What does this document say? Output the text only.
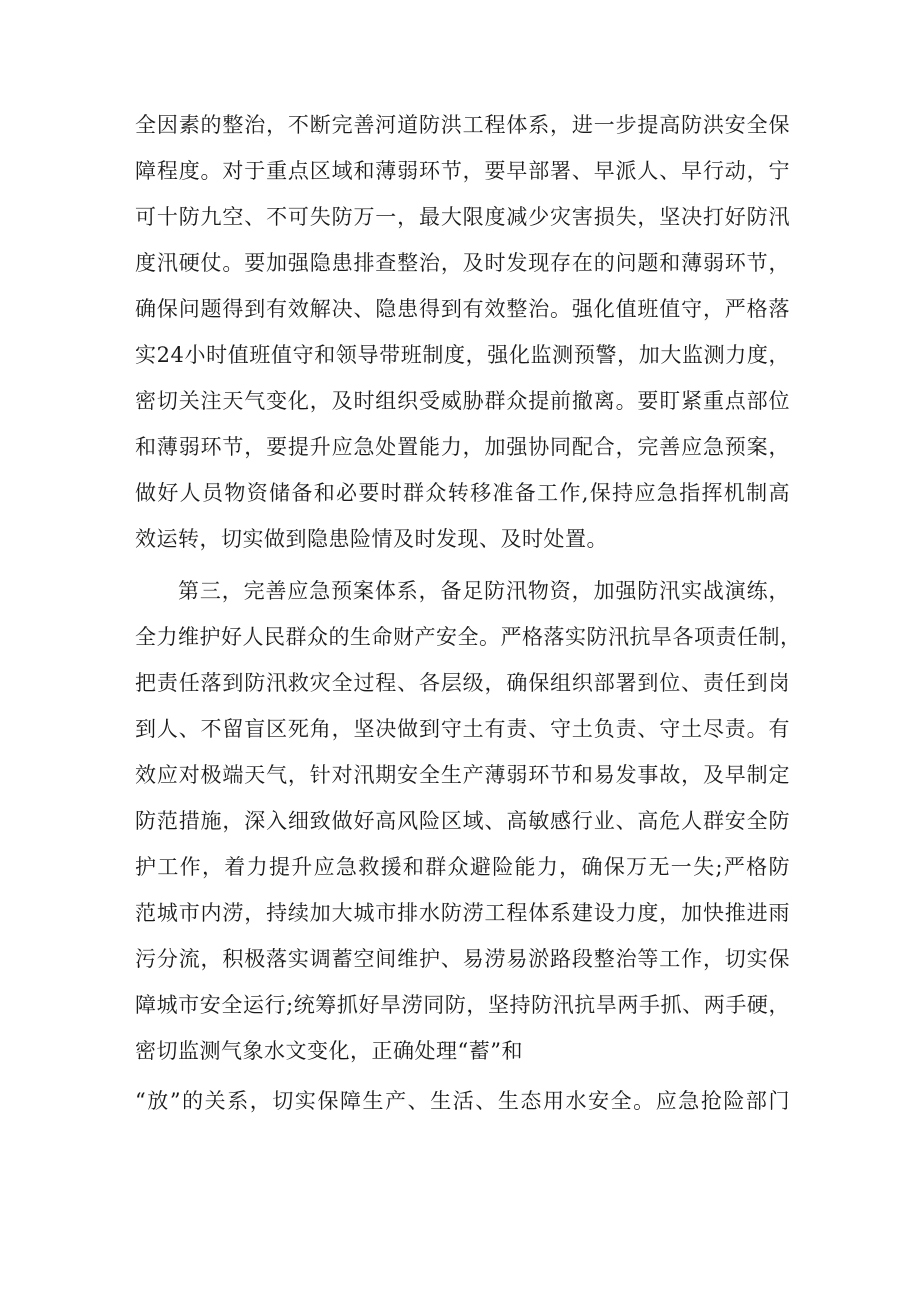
全因素的整治，不断完善河道防洪工程体系，进一步提高防洪安全保
障程度。对于重点区域和薄弱环节，要早部署、早派人、早行动，宁
可十防九空、不可失防万一，最大限度减少灾害损失，坚决打好防汛
度汛硬仗。要加强隐患排查整治，及时发现存在的问题和薄弱环节，
确保问题得到有效解决、隐患得到有效整治。强化值班值守，严格落
实24小时值班值守和领导带班制度，强化监测预警，加大监测力度，
密切关注天气变化，及时组织受威胁群众提前撤离。要盯紧重点部位
和薄弱环节，要提升应急处置能力，加强协同配合，完善应急预案，
做好人员物资储备和必要时群众转移准备工作,保持应急指挥机制高
效运转，切实做到隐患险情及时发现、及时处置。
第三，完善应急预案体系，备足防汛物资，加强防汛实战演练，
全力维护好人民群众的生命财产安全。严格落实防汛抗旱各项责任制，
把责任落到防汛救灾全过程、各层级，确保组织部署到位、责任到岗
到人、不留盲区死角，坚决做到守土有责、守土负责、守土尽责。有
效应对极端天气，针对汛期安全生产薄弱环节和易发事故，及早制定
防范措施，深入细致做好高风险区域、高敏感行业、高危人群安全防
护工作，着力提升应急救援和群众避险能力，确保万无一失;严格防
范城市内涝，持续加大城市排水防涝工程体系建设力度，加快推进雨
污分流，积极落实调蓄空间维护、易涝易淤路段整治等工作，切实保
障城市安全运行;统筹抓好旱涝同防，坚持防汛抗旱两手抓、两手硬，
密切监测气象水文变化，正确处理“蓄”和
“放”的关系，切实保障生产、生活、生态用水安全。应急抢险部门
